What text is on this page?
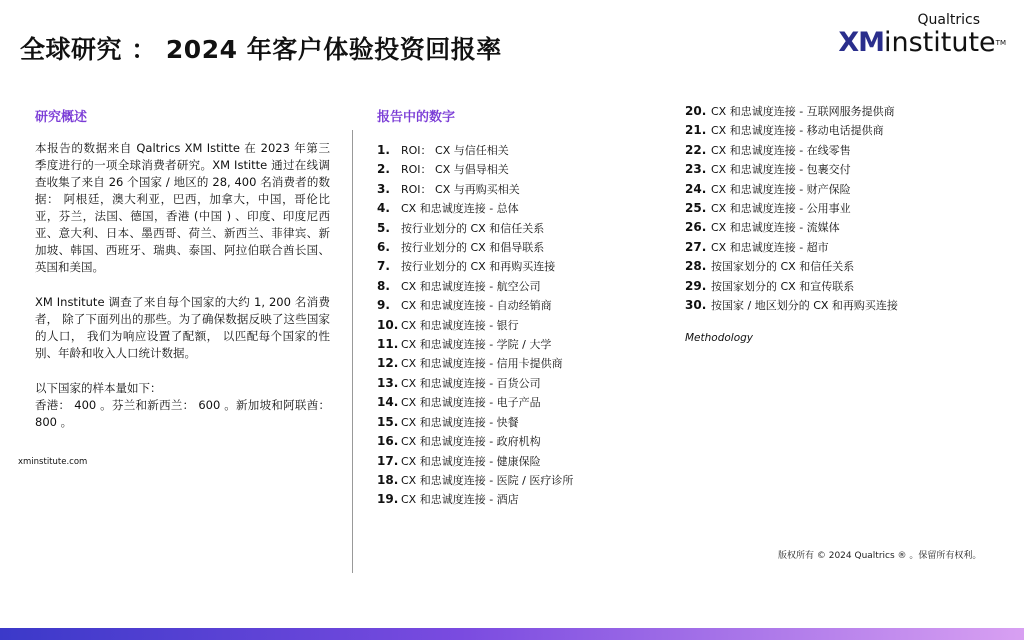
全球研究 ： 2024 年客户体验投资回报率
Qualtrics
XMinstitute™
研究概述

本报告的数据来自 Qaltrics XM Istitte 在 2023 年第三季度进行的一项全球消费者研究。XM Istitte 通过在线调查收集了来自 26 个国家 / 地区的 28, 400 名消费者的数据： 阿根廷，澳大利亚，巴西，加拿大，中国，哥伦比亚，芬兰，法国、德国，香港 (中国 ) 、印度、印度尼西亚、意大利、日本、墨西哥、荷兰、新西兰、菲律宾、新加坡、韩国、西班牙、瑞典、泰国、阿拉伯联合酋长国、英国和美国。

XM Institute 调查了来自每个国家的大约 1, 200 名消费者， 除了下面列出的那些。为了确保数据反映了这些国家的人口， 我们为响应设置了配额， 以匹配每个国家的性别、年龄和收入人口统计数据。

以下国家的样本量如下：
香港： 400 。芬兰和新西兰： 600 。新加坡和阿联酋： 800 。

xminstitute.com
报告中的数字
1.	ROI： CX 与信任相关
2.	ROI： CX 与倡导相关
3.	ROI： CX 与再购买相关
4.	CX 和忠诚度连接 - 总体
5.	按行业划分的 CX 和信任关系
6.	按行业划分的 CX 和倡导联系
7.	按行业划分的 CX 和再购买连接
8.	CX 和忠诚度连接 - 航空公司
9.	CX 和忠诚度连接 - 自动经销商
10. CX 和忠诚度连接 - 银行
11. CX 和忠诚度连接 - 学院 / 大学
12. CX 和忠诚度连接 - 信用卡提供商
13. CX 和忠诚度连接 - 百货公司
14. CX 和忠诚度连接 - 电子产品
15. CX 和忠诚度连接 - 快餐
16. CX 和忠诚度连接 - 政府机构
17. CX 和忠诚度连接 - 健康保险
18. CX 和忠诚度连接 - 医院 / 医疗诊所
19. CX 和忠诚度连接 - 酒店
20. CX 和忠诚度连接 - 互联网服务提供商
21. CX 和忠诚度连接 - 移动电话提供商
22. CX 和忠诚度连接 - 在线零售
23. CX 和忠诚度连接 - 包裹交付
24. CX 和忠诚度连接 - 财产保险
25. CX 和忠诚度连接 - 公用事业
26. CX 和忠诚度连接 - 流媒体
27. CX 和忠诚度连接 - 超市
28. 按国家划分的 CX 和信任关系
29. 按国家划分的 CX 和宣传联系
30. 按国家 / 地区划分的 CX 和再购买连接
Methodology
版权所有 © 2024 Qualtrics ® 。保留所有权利。
